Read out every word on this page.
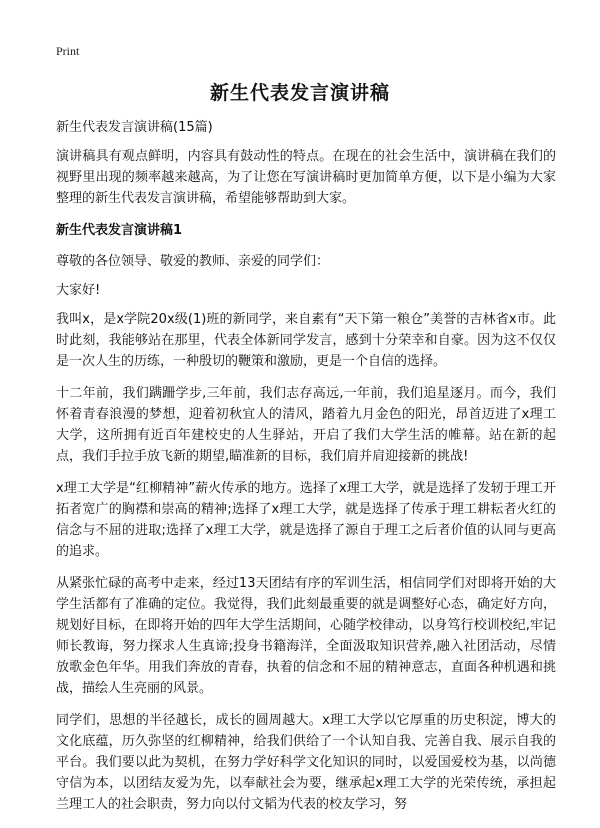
Print
新生代表发言演讲稿

新生代表发言演讲稿(15篇)

演讲稿具有观点鲜明，内容具有鼓动性的特点。在现在的社会生活中，演讲稿在我们的视野里出现的频率越来越高，为了让您在写演讲稿时更加简单方便，以下是小编为大家整理的新生代表发言演讲稿，希望能够帮助到大家。

新生代表发言演讲稿1

尊敬的各位领导、敬爱的教师、亲爱的同学们：

大家好!

我叫x，是x学院20x级(1)班的新同学，来自素有“天下第一粮仓”美誉的吉林省x市。此时此刻，我能够站在那里，代表全体新同学发言，感到十分荣幸和自豪。因为这不仅仅是一次人生的历练，一种殷切的鞭策和激励，更是一个自信的选择。

十二年前，我们蹒跚学步,三年前，我们志存高远,一年前，我们追星逐月。而今，我们怀着青春浪漫的梦想，迎着初秋宜人的清风，踏着九月金色的阳光，昂首迈进了x理工大学，这所拥有近百年建校史的人生驿站，开启了我们大学生活的帷幕。站在新的起点，我们手拉手放飞新的期望,瞄准新的目标，我们肩并肩迎接新的挑战!

x理工大学是“红柳精神”薪火传承的地方。选择了x理工大学，就是选择了发轫于理工开拓者宽广的胸襟和崇高的精神;选择了x理工大学，就是选择了传承于理工耕耘者火红的信念与不屈的进取;选择了x理工大学，就是选择了源自于理工之后者价值的认同与更高的追求。

从紧张忙碌的高考中走来，经过13天团结有序的军训生活，相信同学们对即将开始的大学生活都有了准确的定位。我觉得，我们此刻最重要的就是调整好心态，确定好方向，规划好目标，在即将开始的四年大学生活期间，心随学校律动，以身笃行校训校纪,牢记师长教诲，努力探求人生真谛;投身书籍海洋，全面汲取知识营养,融入社团活动，尽情放歌金色年华。用我们奔放的青春，执着的信念和不屈的精神意志，直面各种机遇和挑战，描绘人生亮丽的风景。

同学们，思想的半径越长，成长的圆周越大。x理工大学以它厚重的历史积淀，博大的文化底蕴，历久弥坚的红柳精神，给我们供给了一个认知自我、完善自我、展示自我的平台。我们要以此为契机，在努力学好科学文化知识的同时，以爱国爱校为基，以尚德守信为本，以团结友爱为先，以奉献社会为要，继承起x理工大学的光荣传统，承担起兰理工人的社会职责，努力向以付文韬为代表的校友学习，努
